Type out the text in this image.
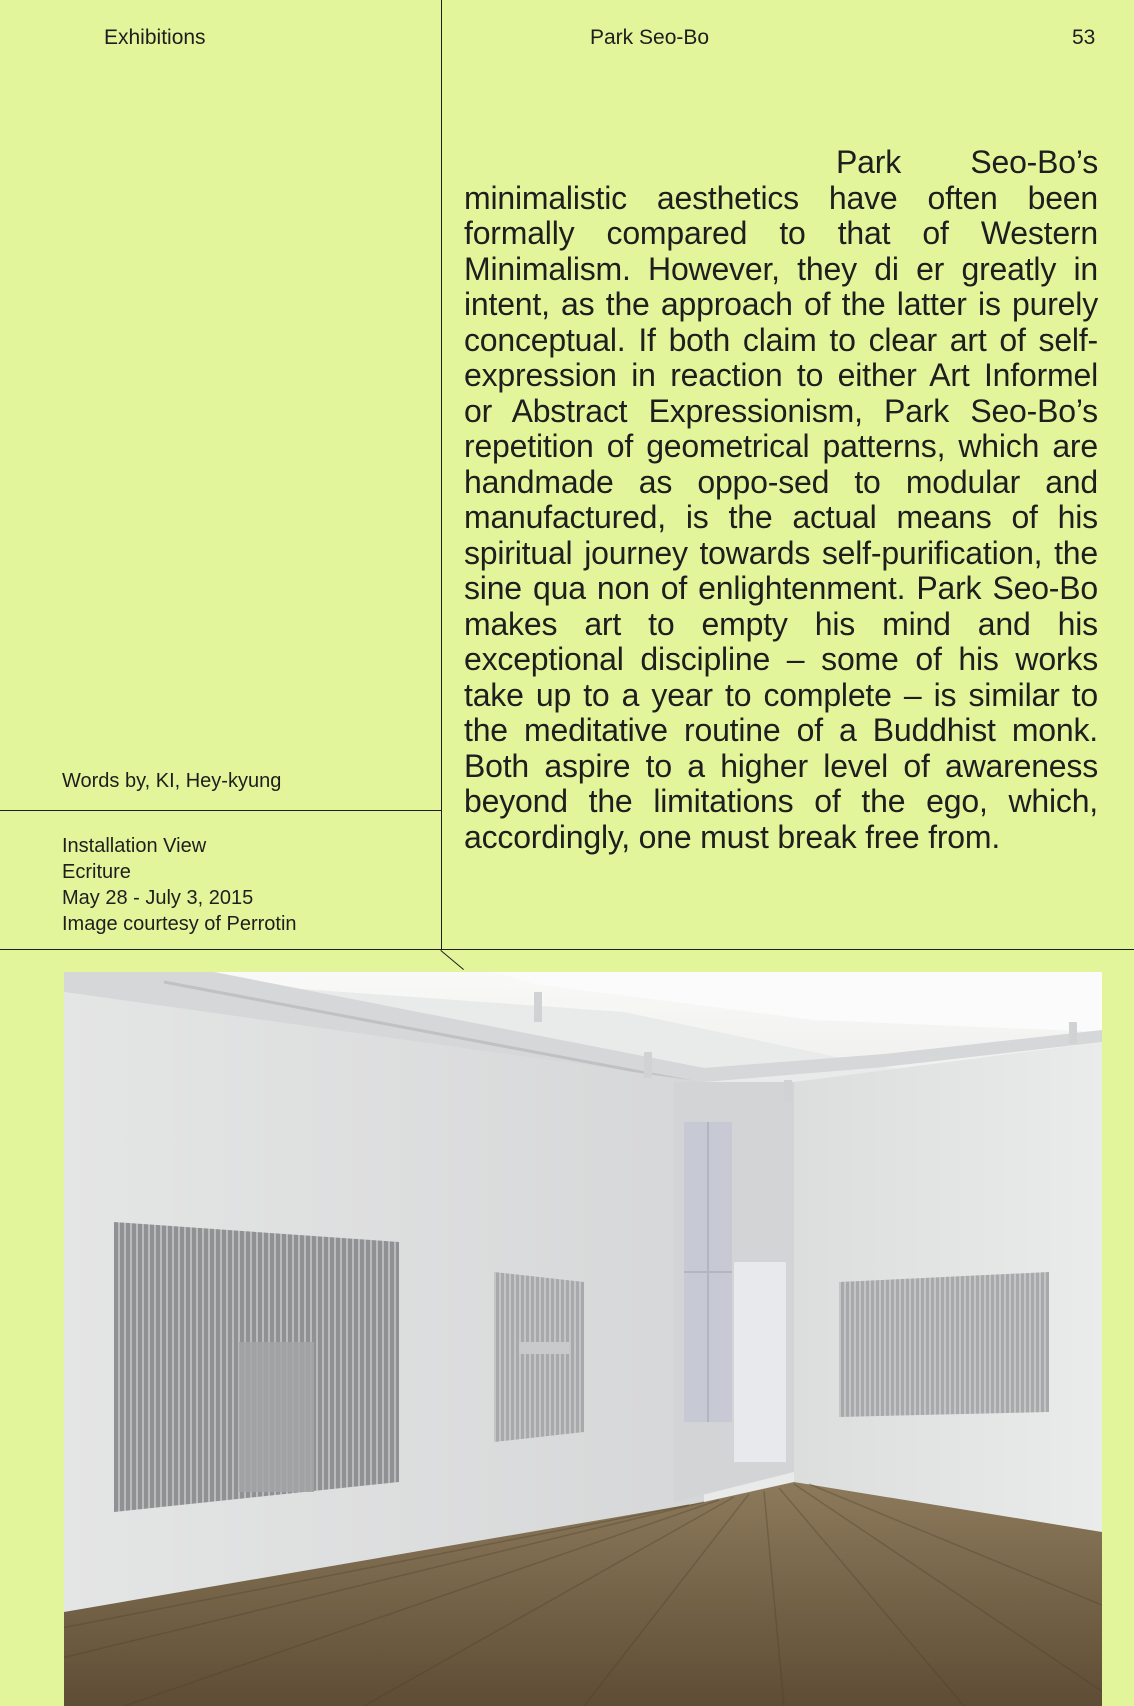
Exhibitions	Park Seo-Bo	53
Words by, KI, Hey-kyung
Installation View
Ecriture
May 28 - July 3, 2015
Image courtesy of Perrotin

Park Seo-Bo’s minimalistic aesthetics have often been formally compared to that of Western Minimalism. However, they di er greatly in intent, as the approach of the latter is purely conceptual. If both claim to clear art of self-expression in reaction to either Art Informel or Abstract Expressionism, Park Seo-Bo’s repetition of geometrical patterns, which are handmade as oppo-sed to modular and manufactured, is the actual means of his spiritual journey towards self-purification, the sine qua non of enlightenment. Park Seo-Bo makes art to empty his mind and his exceptional discipline – some of his works take up to a year to complete – is similar to the meditative routine of a Buddhist monk. Both aspire to a higher level of awareness beyond the limitations of the ego, which, accordingly, one must break free from.
